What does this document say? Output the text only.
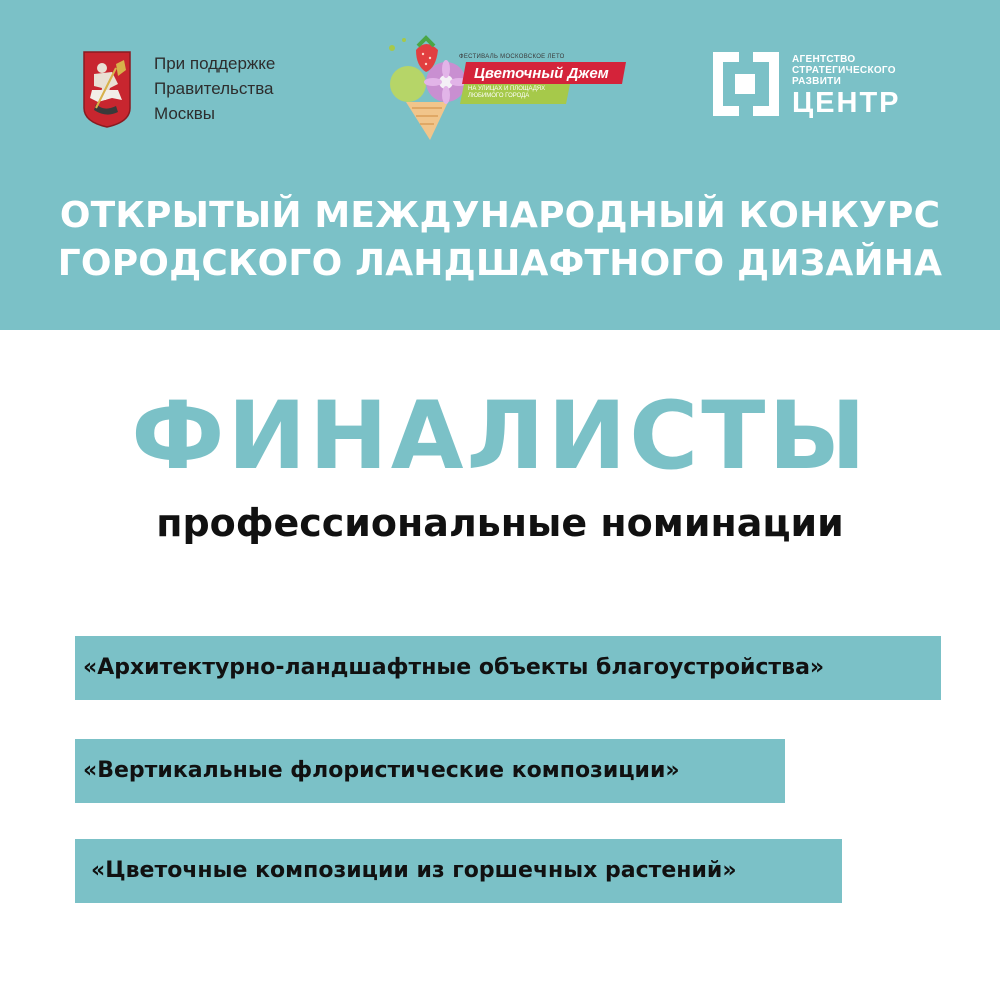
При поддержке
Правительства
Москвы
ФЕСТИВАЛЬ МОСКОВСКОЕ ЛЕТО
Цветочный Джем
НА УЛИЦАХ И ПЛОЩАДЯХ
ЛЮБИМОГО ГОРОДА
АГЕНТСТВО
СТРАТЕГИЧЕСКОГО
РАЗВИТИ
ЦЕНТР
ОТКРЫТЫЙ МЕЖДУНАРОДНЫЙ КОНКУРС
ГОРОДСКОГО ЛАНДШАФТНОГО ДИЗАЙНА
ФИНАЛИСТЫ
профессиональные номинации
«Архитектурно-ландшафтные объекты благоустройства»
«Вертикальные флористические композиции»
«Цветочные композиции из горшечных растений»
